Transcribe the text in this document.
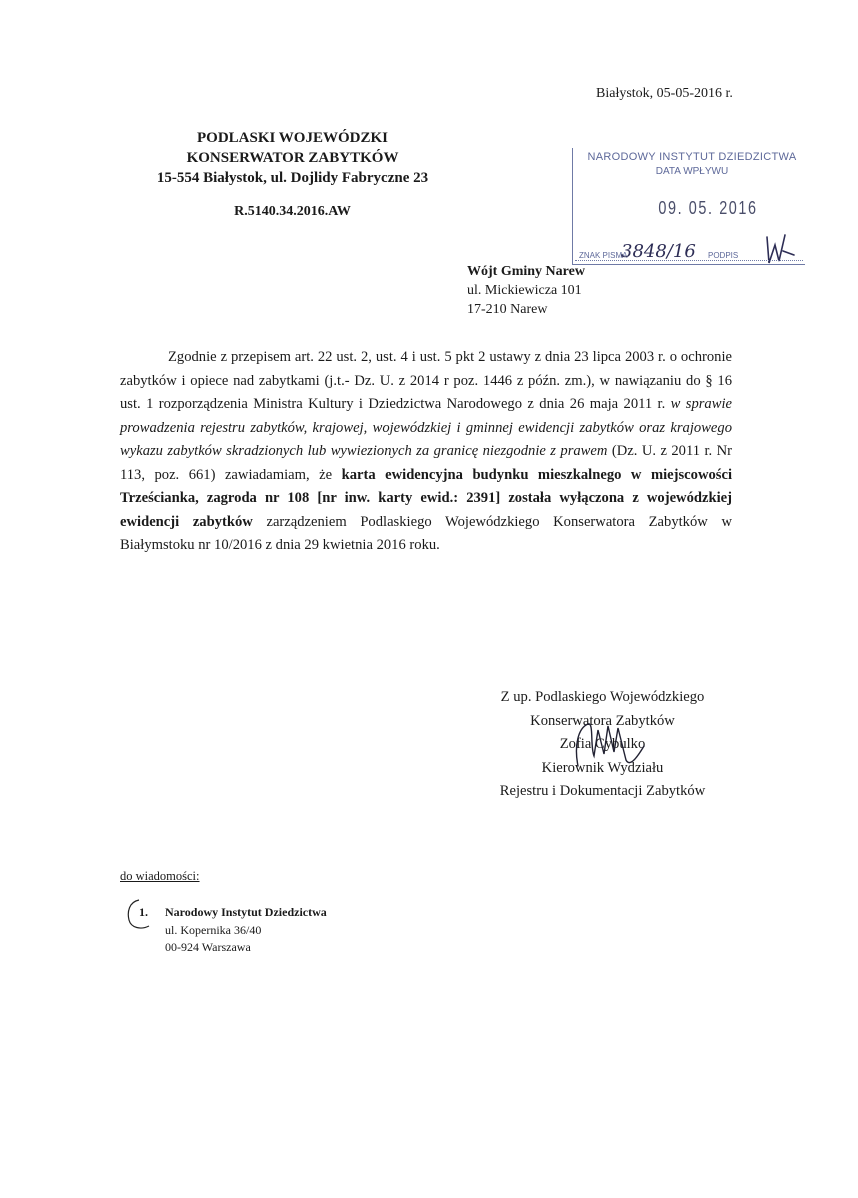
Białystok, 05-05-2016 r.
PODLASKI WOJEWÓDZKI
KONSERWATOR ZABYTKÓW
15-554 Białystok, ul. Dojlidy Fabryczne 23
R.5140.34.2016.AW
NARODOWY INSTYTUT DZIEDZICTWA
DATA WPŁYWU
09. 05. 2016
ZNAK PISMA
3848/16 PODPIS
Wójt Gminy Narew
ul. Mickiewicza 101
17-210 Narew

Zgodnie z przepisem art. 22 ust. 2, ust. 4 i ust. 5 pkt 2 ustawy z dnia 23 lipca 2003 r. o ochronie zabytków i opiece nad zabytkami (j.t.- Dz. U. z 2014 r poz. 1446 z późn. zm.), w nawiązaniu do § 16 ust. 1 rozporządzenia Ministra Kultury i Dziedzictwa Narodowego z dnia 26 maja 2011 r. w sprawie prowadzenia rejestru zabytków, krajowej, wojewódzkiej i gminnej ewidencji zabytków oraz krajowego wykazu zabytków skradzionych lub wywiezionych za granicę niezgodnie z prawem (Dz. U. z 2011 r. Nr 113, poz. 661) zawiadamiam, że karta ewidencyjna budynku mieszkalnego w miejscowości Trześcianka, zagroda nr 108 [nr inw. karty ewid.: 2391] została wyłączona z wojewódzkiej ewidencji zabytków zarządzeniem Podlaskiego Wojewódzkiego Konserwatora Zabytków w Białymstoku nr 10/2016 z dnia 29 kwietnia 2016 roku.

Z up. Podlaskiego Wojewódzkiego
Konserwatora Zabytków
Zofia Cybulko
Kierownik Wydziału
Rejestru i Dokumentacji Zabytków
do wiadomości:
1. Narodowy Instytut Dziedzictwa
ul. Kopernika 36/40
00-924 Warszawa
